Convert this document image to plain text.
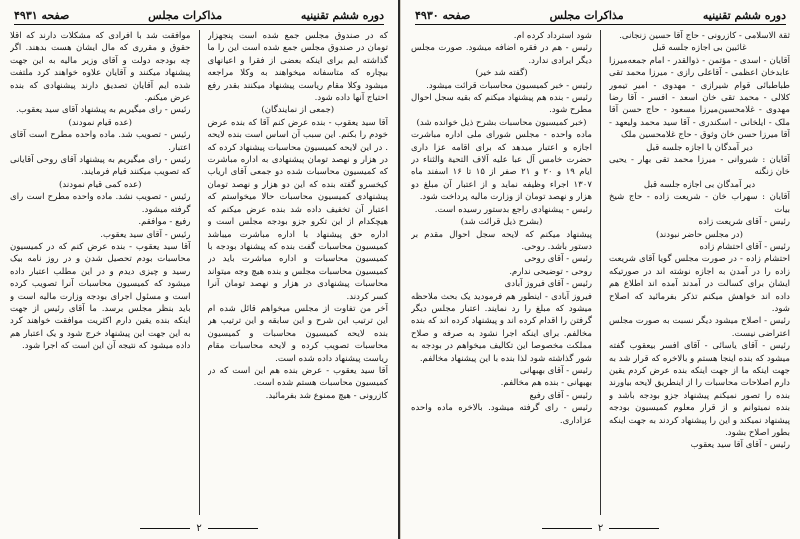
دوره ششم تقنینیه
مذاکرات مجلس
صفحه ۴۹۳۱

که در صندوق مجلس جمع شده است پنجهزار تومان در صندوق مجلس جمع شده است این را ما گذاشته ایم برای اینکه بعضی از فقرا و اعیانهای بیچاره که متاسفانه میخواهند به وکلا مراجعه میشود وکلا مقام ریاست پیشنهاد میکنند بقدر رفع احتیاج آنها داده شود.

(جمعی از نمایندگان)

آقا سید یعقوب - بنده عرض کنم آقا که بنده عرض خودم را بکنم. این سبب آن اساس است بنده لایحه . در این لایحه کمیسیون محاسبات پیشنهاد کرده که در هزار و نهصد تومان پیشنهادی به اداره مباشرت که کمیسیون محاسبات شده دو جمعی آقای اریاب کیخسرو گفته بنده که این دو هزار و نهصد تومان پیشنهادی کمیسیون محاسبات حالا میخواستم که اعتبار آن تخفیف داده شد بنده عرض میکنم که هیچکدام از این تکرو جزو بودجه مجلس است و اداره حق پیشنهاد با اداره مباشرت میباشد کمیسیون محاسبات گفت بنده که پیشنهاد بودجه با کمیسیون محاسبات و اداره مباشرت باید در کمیسیون محاسبات مجلس و بنده هیچ وجه میتواند محاسبات پیشنهادی در هزار و نهصد تومان آنرا کسر کردند.

آخر من تفاوت از مجلس میخواهم قائل شده ام این ترتیب این شرح و این سابقه و این ترتیب هر بنده لایحه کمیسیون محاسبات و کمیسیون محاسبات تصویب کرده و لایحه محاسبات مقام ریاست پیشنهاد داده شده است.

آقا سید یعقوب - عرض بنده هم این است که در کمیسیون محاسبات هستم شده است.

کازرونی - هیچ ممنوع شد بفرمائید.

موافقت شد با افرادی که مشکلات دارند که اقلا حقوق و مقرری که مال ایشان هست بدهند. اگر چه بودجه دولت و آقای وزیر مالیه به این جهت پیشنهاد میکنند و آقایان علاوه خواهند کرد ملتفت شده ایم آقایان تصدیق دارند پیشنهادی که بنده عرض میکنم.

رئیس - رای میگیریم به پیشنهاد آقای سید یعقوب.

(عده قیام نمودند)

رئیس - تصویب شد. ماده واحده مطرح است آقای اعتبار.

رئیس - رای میگیریم به پیشنهاد آقای روحی آقایانی که تصویب میکنند قیام فرمایند.

(عده کمی قیام نمودند)

رئیس - تصویب نشد. ماده واحده مطرح است رای گرفته میشود.

رفیع - موافقم.

رئیس - آقای سید یعقوب.

آقا سید یعقوب - بنده عرض کنم که در کمیسیون محاسبات بودم تحصیل شدن و در روز نامه بیک رسید و چیزی دیدم و در این مطلب اعتبار داده میشود که کمیسیون محاسبات آنرا تصویب کرده است و مسئول اجرای بودجه وزارت مالیه است و باید بنظر مجلس برسد. ما آقای رئیس از جهت اینکه بنده یقین دارم اکثریت موافقت خواهند کرد به این جهت این پیشنهاد خرج شود و یک اعتبار هم داده میشود که نتیجه آن این است که اجرا شود.

٢
دوره ششم تقنینیه
مذاکرات مجلس
صفحه ۴۹۳۰

ثقة الاسلامی - کازرونی - حاج آقا حسین زنجانی.

غائبین بی اجازه جلسه قبل

آقایان - اسدی - مؤتمن - ذوالقدر - امام جمعه‌میرزا عابدخان اعظمی - آقاعلی رازی - میرزا محمد تقی طباطبائی قوام شیرازی - مهدوی - امیر تیمور کلالی - محمد تقی خان اسعد - افسر - آقا رضا مهدوی - غلامحسین‌میرزا مسعود - حاج حسن آقا ملک - ایلخانی - اسکندری - آقا سید محمد ولیعهد - آقا میرزا حسن خان وثوق - حاج غلامحسین ملک

دیر آمدگان با اجازه جلسه قبل

آقایان : شیروانی - میرزا محمد تقی بهار - یحیی خان زنگنه

دیر آمدگان بی اجازه جلسه قبل

آقایان : سهراب خان - شریعت زاده - حاج شیخ بیات

رئیس - آقای شریعت زاده

(در مجلس حاضر نبودند)

رئیس - آقای احتشام زاده

احتشام زاده - در صورت مجلس گویا آقای شریعت زاده را در آمدن به اجازه نوشته اند در صورتیکه ایشان برای کسالت در آمدند آمده اند اطلاع هم داده اند خواهش میکنم تذکر بفرمائید که اصلاح شود.

رئیس - اصلاح میشود دیگر نسبت به صورت مجلس اعتراضی نیست.

رئیس - آقای یاسائی - آقای افسر بیعقوب گفته میشود که بنده اینجا هستم و بالاخره که قرار شد به جهت اینکه ما از جهت اینکه بنده عرض کردم یقین دارم اصلاحات محاسبات را از اینطریق لایحه بیاورند بنده را تصور نمیکنم پیشنهاد جزو بودجه باشد و بنده نمیتوانم و از قرار معلوم کمیسیون بودجه پیشنهاد نمیکند و این را پیشنهاد کردند به جهت اینکه بطور اصلاح بشود.

رئیس - آقای آقا سید یعقوب

شود استرداد کرده ام.

رئیس - هم در فقره اضافه میشود. صورت مجلس دیگر ایرادی ندارد.

(گفته شد خیر)

رئیس - خبر کمیسیون محاسبات قرائت میشود.

رئیس - بنده هم پیشنهاد میکنم که بقیه سجل احوال مطرح شود.

(خبر کمیسیون محاسبات بشرح ذیل خوانده شد)

ماده واحده - مجلس شورای ملی اداره مباشرت اجازه و اعتبار میدهد که برای اقامه عزا داری حضرت خامس آل عبا علیه آلاف التحیة والثناء در ایام ۱۹ و ۲۰ و ۲۱ صفر از ۱۵ تا ۱۶ اسفند ماه ۱۳۰۷ اجراء وظیفه نماید و از اعتبار آن مبلغ دو هزار و نهصد تومان از وزارت مالیه پرداخت شود.

رئیس - پیشنهادی راجع بدستور رسیده است.

(بشرح ذیل قرائت شد)

پیشنهاد میکنم که لایحه سجل احوال مقدم بر دستور باشد. روحی.

رئیس - آقای روحی

روحی - توضیحی ندارم.

رئیس - آقای فیروز آبادی

فیروز آبادی - اینطور هم فرمودید یک بحث ملاحظه میشود که مبلغ را رد نمایند. اعتبار مجلس دیگر گرفتن را اقدام کرده اند و پیشنهاد کرده اند که بنده مخالفم. برای اینکه اجرا نشود به صرفه و صلاح مملکت مخصوصا این تکالیف میخواهم در بودجه به شور گذاشته شود لذا بنده با این پیشنهاد مخالفم.

رئیس - آقای بهبهانی

بهبهانی - بنده هم مخالفم.

رئیس - آقای رفیع

رئیس - رای گرفته میشود. بالاخره ماده واحده عزاداری.

٢
